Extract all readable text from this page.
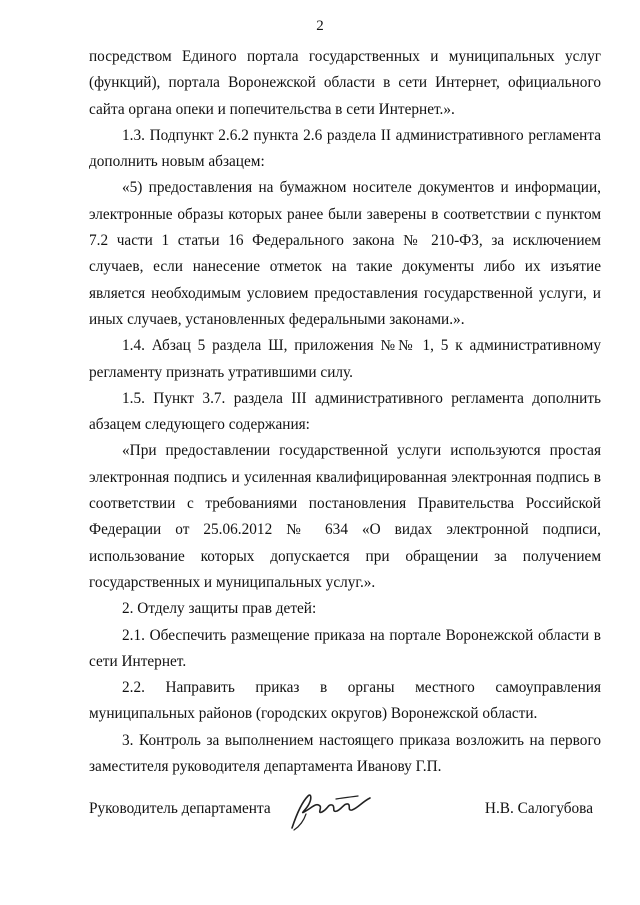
2

посредством Единого портала государственных и муниципальных услуг (функций), портала Воронежской области в сети Интернет, официального сайта органа опеки и попечительства в сети Интернет.».

1.3. Подпункт 2.6.2 пункта 2.6 раздела II административного регламента дополнить новым абзацем:

«5) предоставления на бумажном носителе документов и информации, электронные образы которых ранее были заверены в соответствии с пунктом 7.2 части 1 статьи 16 Федерального закона № 210-ФЗ, за исключением случаев, если нанесение отметок на такие документы либо их изъятие является необходимым условием предоставления государственной услуги, и иных случаев, установленных федеральными законами.».

1.4. Абзац 5 раздела Ш, приложения №№ 1, 5 к административному регламенту признать утратившими силу.

1.5. Пункт 3.7. раздела III административного регламента дополнить абзацем следующего содержания:

«При предоставлении государственной услуги используются простая электронная подпись и усиленная квалифицированная электронная подпись в соответствии с требованиями постановления Правительства Российской Федерации от 25.06.2012 № 634 «О видах электронной подписи, использование которых допускается при обращении за получением государственных и муниципальных услуг.».

2. Отделу защиты прав детей:

2.1. Обеспечить размещение приказа на портале Воронежской области в сети Интернет.

2.2. Направить приказ в органы местного самоуправления муниципальных районов (городских округов) Воронежской области.

3. Контроль за выполнением настоящего приказа возложить на первого заместителя руководителя департамента Иванову Г.П.

Руководитель департамента	Н.В. Салогубова
